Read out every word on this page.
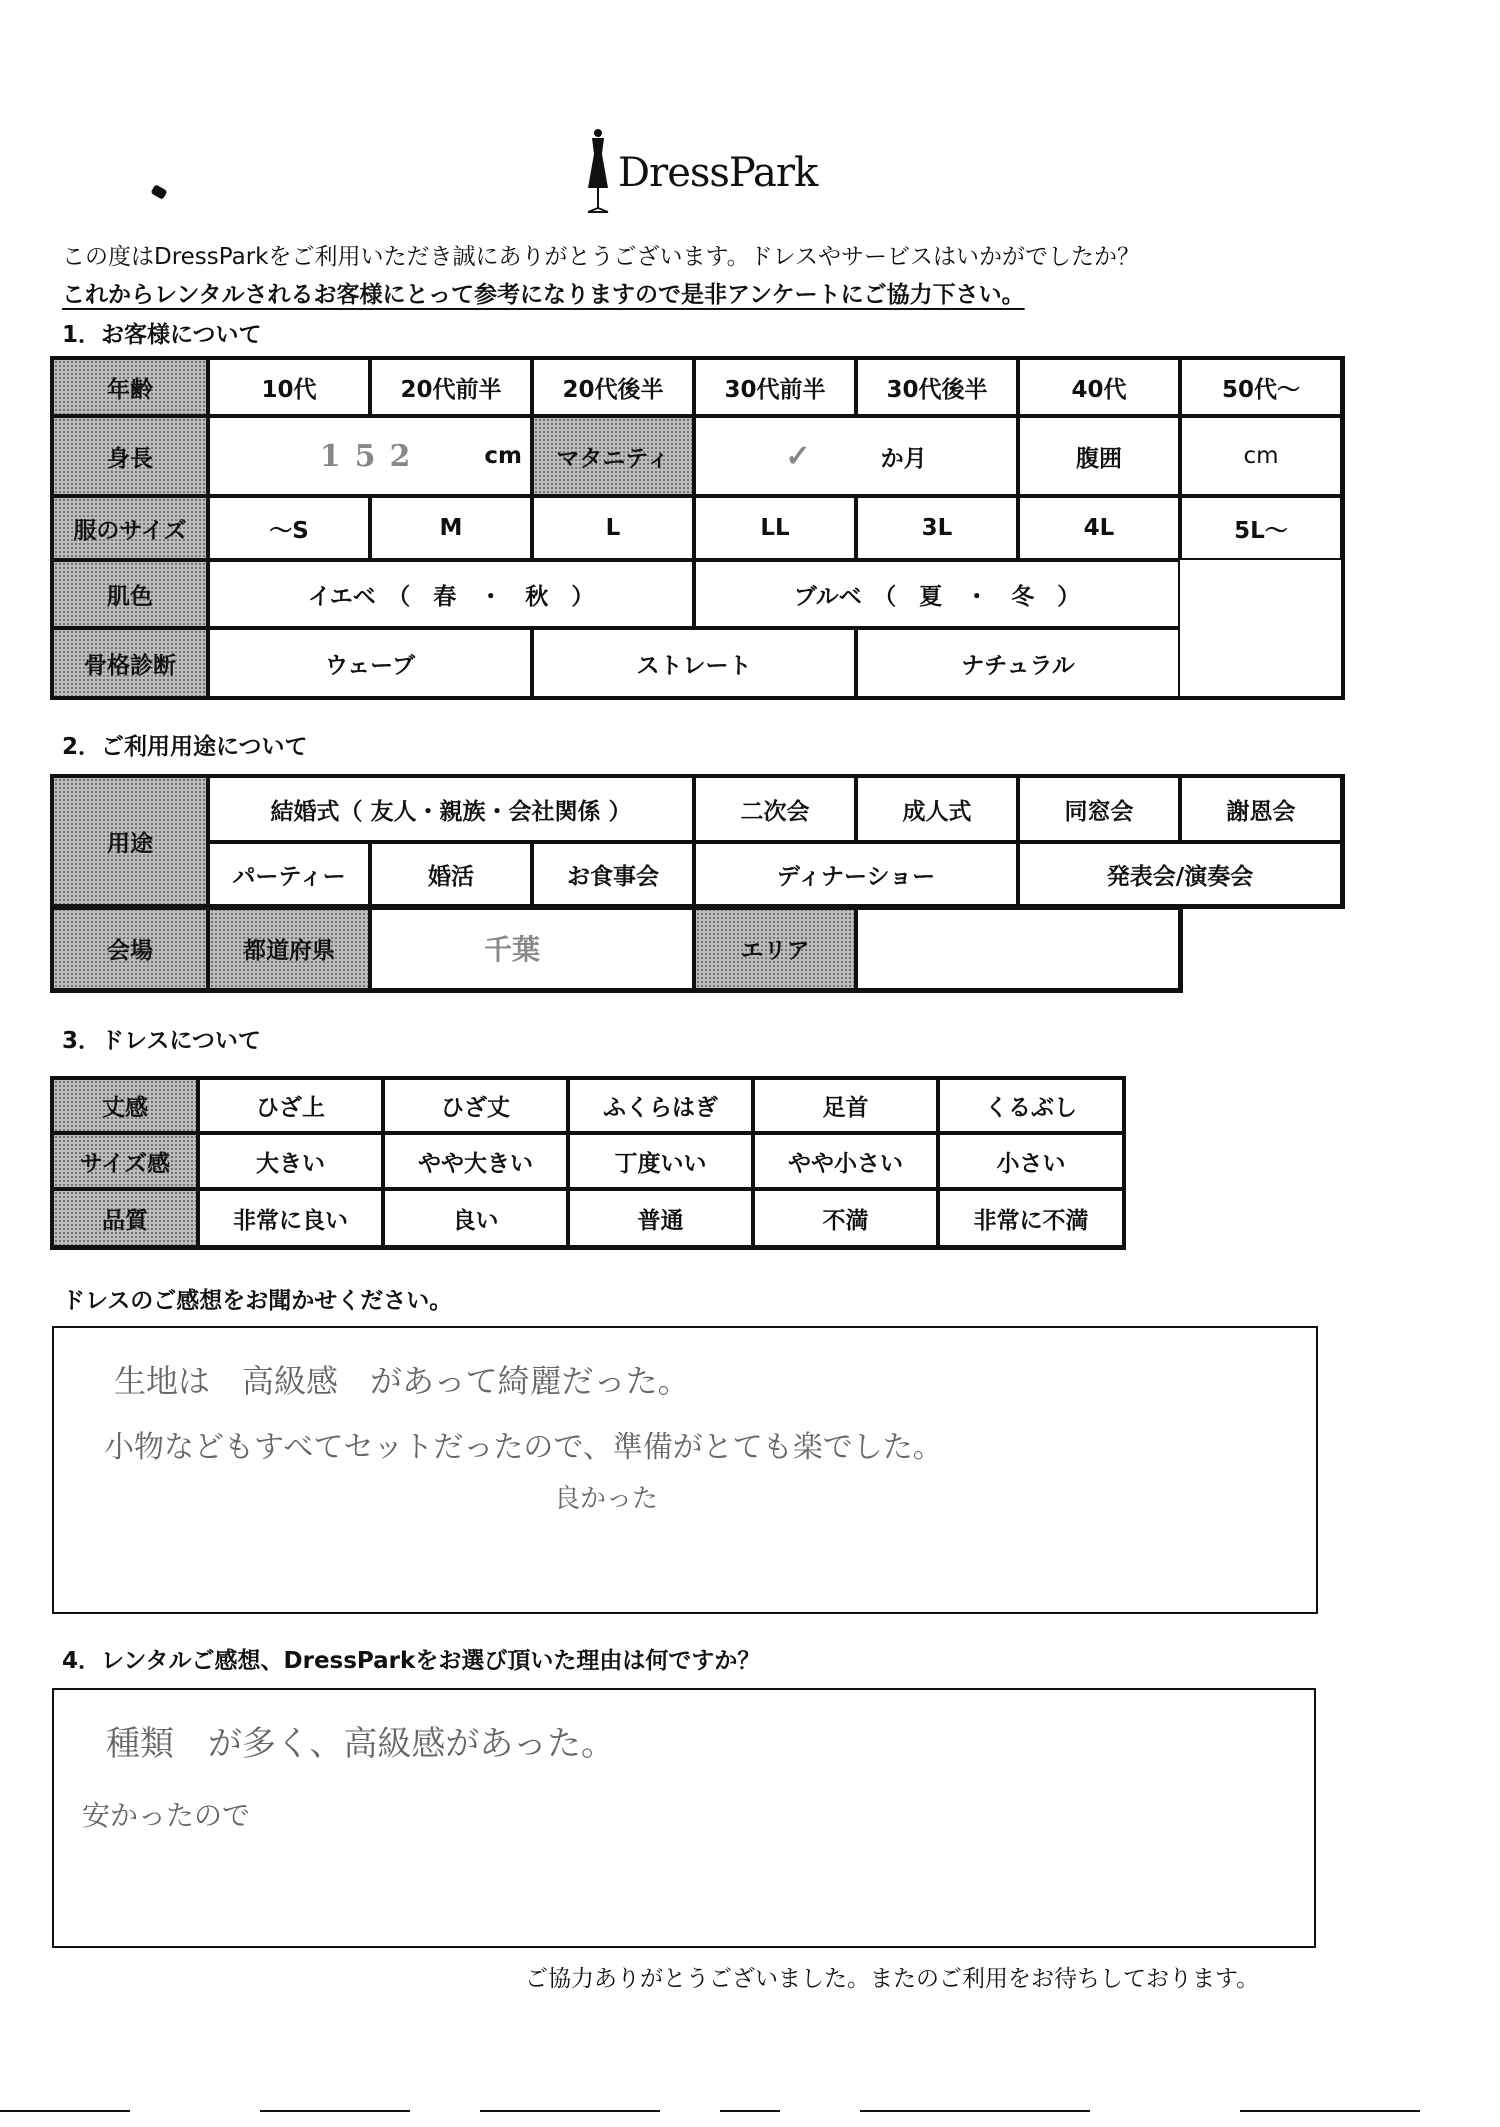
DressPark
この度はDressParkをご利用いただき誠にありがとうございます。ドレスやサービスはいかがでしたか？
これからレンタルされるお客様にとって参考になりますので是非アンケートにご協力下さい。
1．お客様について
年齢	10代	20代前半	20代後半	30代前半	30代後半	40代	50代～
身長	152	cm	マタニティ	✓	か月	腹囲	cm
服のサイズ	～S	M	L	LL	3L	4L	5L～
肌色	イエベ　（　春　・　秋　）	ブルベ　（　夏　・　冬　）
骨格診断	ウェーブ	ストレート	ナチュラル
2．ご利用用途について
用途
結婚式（ 友人・親族・会社関係 ）	二次会	成人式	同窓会	謝恩会
パーティー	婚活	お食事会	ディナーショー	発表会/演奏会
会場	都道府県	千葉	エリア
3．ドレスについて
丈感	ひざ上	ひざ丈	ふくらはぎ	足首	くるぶし
サイズ感	大きい	やや大きい	丁度いい	やや小さい	小さい
品質	非常に良い	良い	普通	不満	非常に不満
ドレスのご感想をお聞かせください。
生地は　高級感　があって綺麗だった。
小物などもすべてセットだったので、準備がとても楽でした。
良かった
4．レンタルご感想、DressParkをお選び頂いた理由は何ですか？
種類　が多く、高級感があった。
安かったので
ご協力ありがとうございました。またのご利用をお待ちしております。
